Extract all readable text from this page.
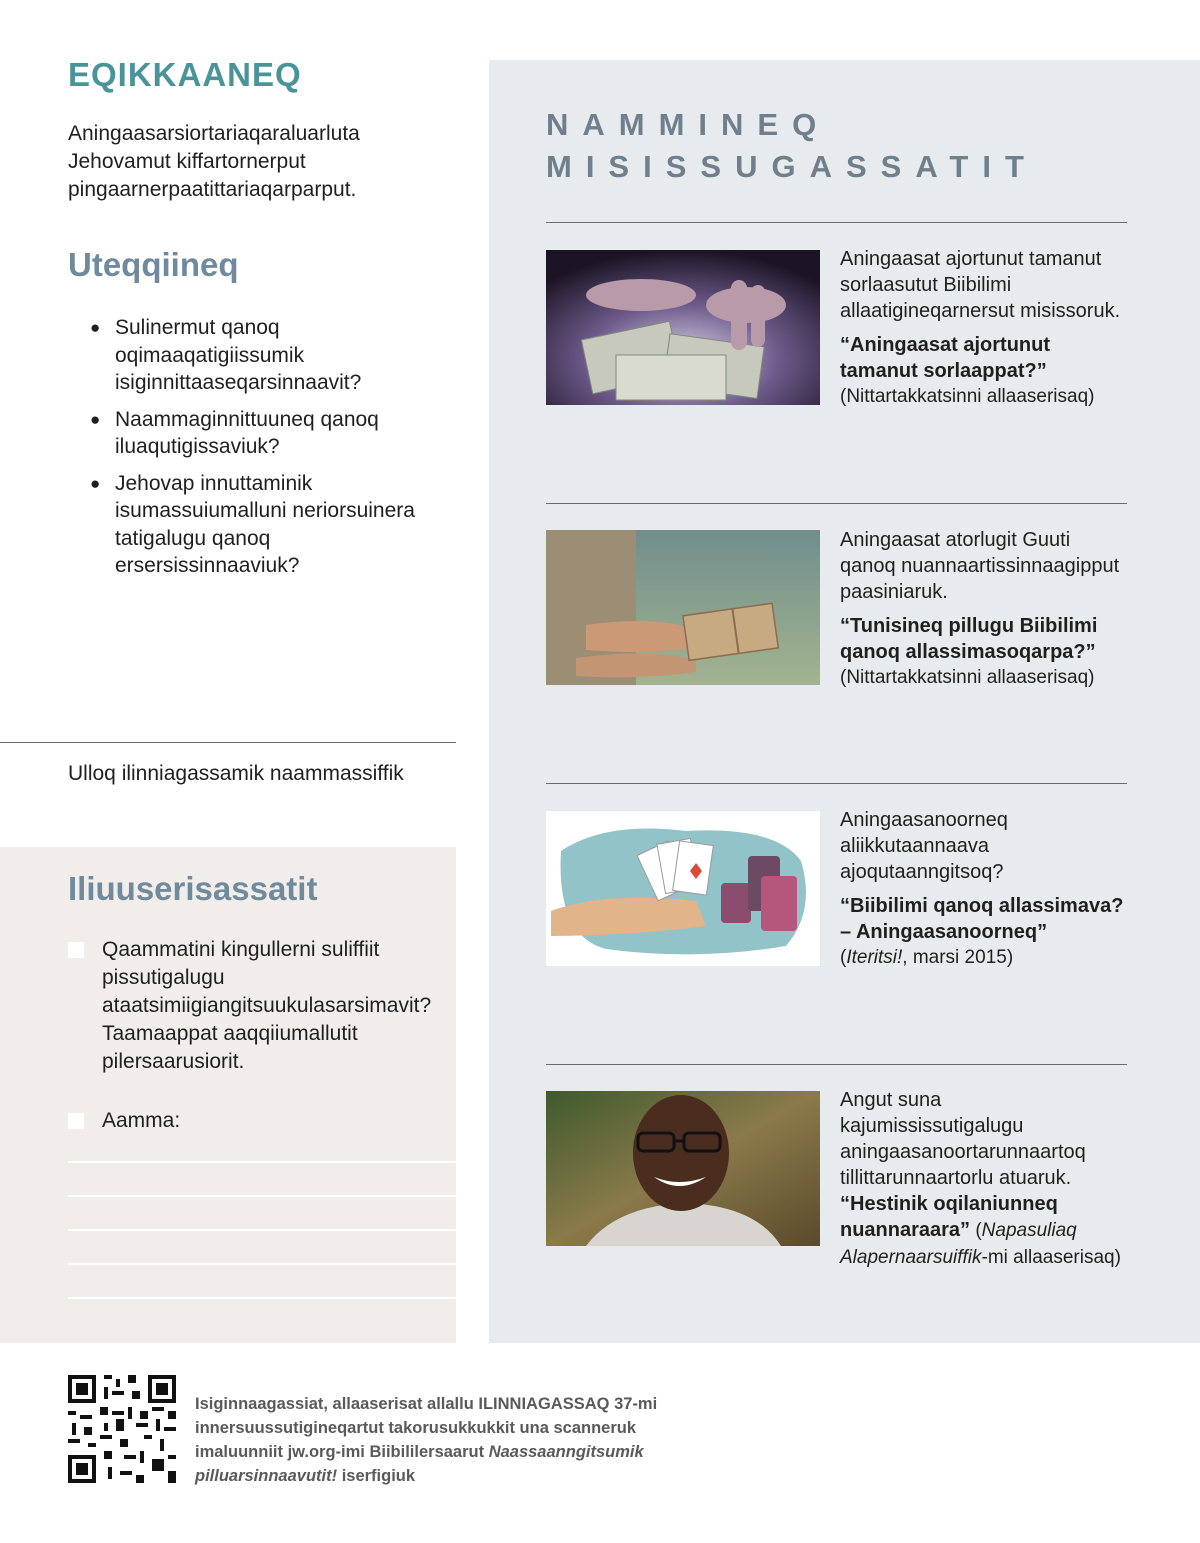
EQIKKAANEQ

Aningaasarsiortariaqaraluarluta Jehovamut kiffartornerput pingaarnerpaatittariaqarparput.

Uteqqiineq
● Sulinermut qanoq oqimaaqatigiissumik isiginnittaaseqarsinnaavit?
● Naammaginnittuuneq qanoq iluaqutigissaviuk?
● Jehovap innuttaminik isumassuiumalluni neriorsuinera tatigalugu qanoq ersersissinnaaviuk?

Ulloq ilinniagassamik naammassiffik

Iliuuserisassatit
Qaammatini kingullerni suliffiit pissutigalugu ataatsimiigiangitsuukulasarsimavit? Taamaappat aaqqiiumallutit pilersaarusiorit.
Aamma:
NAMMINEQ
MISISSUGASSATIT

Aningaasat ajortunut tamanut sorlaasutut Biibilimi allaatigineqarnersut misissoruk.

“Aningaasat ajortunut tamanut sorlaappat?”

(Nittartakkatsinni allaaserisaq)

Aningaasat atorlugit Guuti qanoq nuannaartissinnaagipput paasiniaruk.

“Tunisineq pillugu Biibilimi qanoq allassimasoqarpa?”

(Nittartakkatsinni allaaserisaq)

Aningaasanoorneq aliikkutaannaava ajoqutaanngitsoq?

“Biibilimi qanoq allassimava? – Aningaasanoorneq”

(Iteritsi!, marsi 2015)

Angut suna kajumississutigalugu aningaasanoortarunnaartoq tillittarunnaartorlu atuaruk.

“Hestinik oqilaniunneq nuannaraara”

(Napasuliaq Alapernaarsuiffik-mi allaaserisaq)

Isiginnaagassiat, allaaserisat allallu ILINNIAGASSAQ 37-mi innersuussutigineqartut takorusukkukkit una scanneruk imaluunniit jw.org-imi Biibililersaarut Naassaanngitsumik pilluarsinnaavutit! iserfigiuk
